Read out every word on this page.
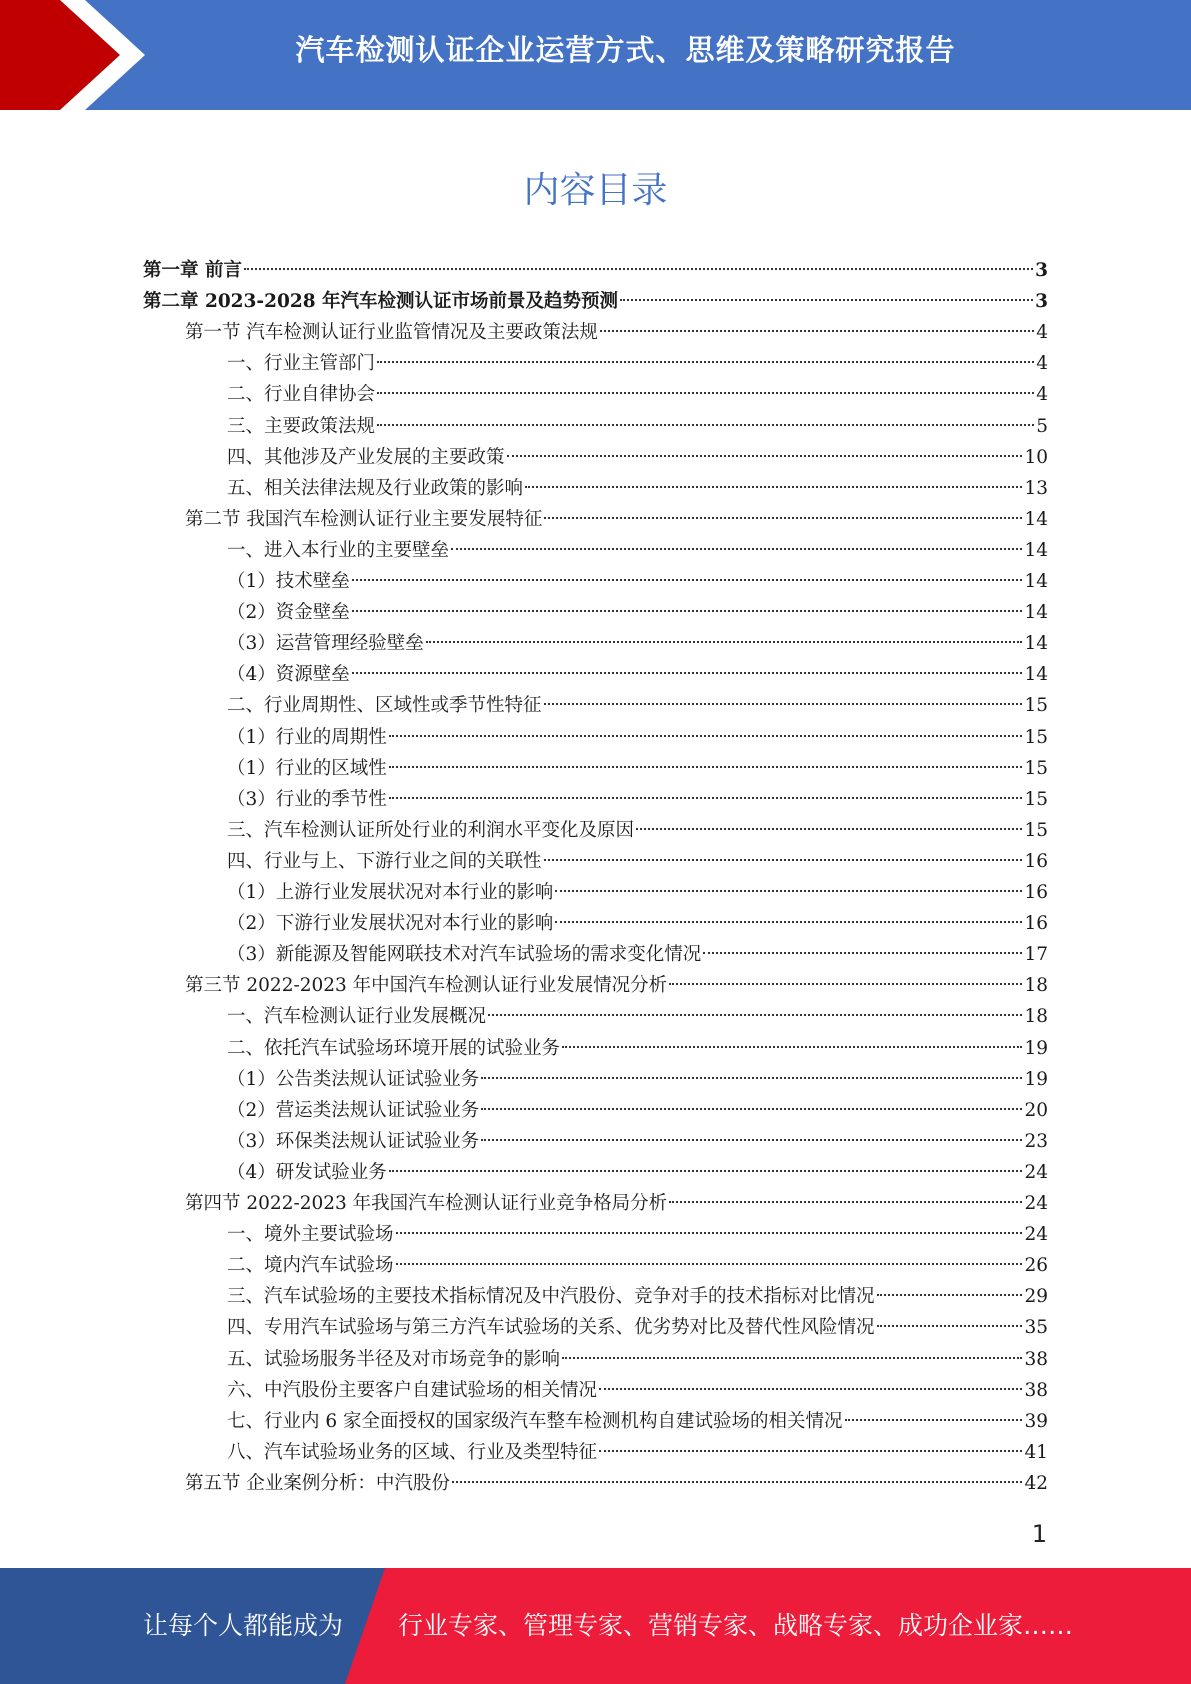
汽车检测认证企业运营方式、思维及策略研究报告
内容目录
第一章 前言	3
第二章 2023-2028 年汽车检测认证市场前景及趋势预测	3
第一节 汽车检测认证行业监管情况及主要政策法规	4
一、行业主管部门	4
二、行业自律协会	4
三、主要政策法规	5
四、其他涉及产业发展的主要政策	10
五、相关法律法规及行业政策的影响	13
第二节 我国汽车检测认证行业主要发展特征	14
一、进入本行业的主要壁垒	14
（1）技术壁垒	14
（2）资金壁垒	14
（3）运营管理经验壁垒	14
（4）资源壁垒	14
二、行业周期性、区域性或季节性特征	15
（1）行业的周期性	15
（1）行业的区域性	15
（3）行业的季节性	15
三、汽车检测认证所处行业的利润水平变化及原因	15
四、行业与上、下游行业之间的关联性	16
（1）上游行业发展状况对本行业的影响	16
（2）下游行业发展状况对本行业的影响	16
（3）新能源及智能网联技术对汽车试验场的需求变化情况	17
第三节 2022-2023 年中国汽车检测认证行业发展情况分析	18
一、汽车检测认证行业发展概况	18
二、依托汽车试验场环境开展的试验业务	19
（1）公告类法规认证试验业务	19
（2）营运类法规认证试验业务	20
（3）环保类法规认证试验业务	23
（4）研发试验业务	24
第四节 2022-2023 年我国汽车检测认证行业竞争格局分析	24
一、境外主要试验场	24
二、境内汽车试验场	26
三、汽车试验场的主要技术指标情况及中汽股份、竞争对手的技术指标对比情况	29
四、专用汽车试验场与第三方汽车试验场的关系、优劣势对比及替代性风险情况	35
五、试验场服务半径及对市场竞争的影响	38
六、中汽股份主要客户自建试验场的相关情况	38
七、行业内 6 家全面授权的国家级汽车整车检测机构自建试验场的相关情况	39
八、汽车试验场业务的区域、行业及类型特征	41
第五节 企业案例分析：中汽股份	42
1
让每个人都能成为 行业专家、管理专家、营销专家、战略专家、成功企业家……
